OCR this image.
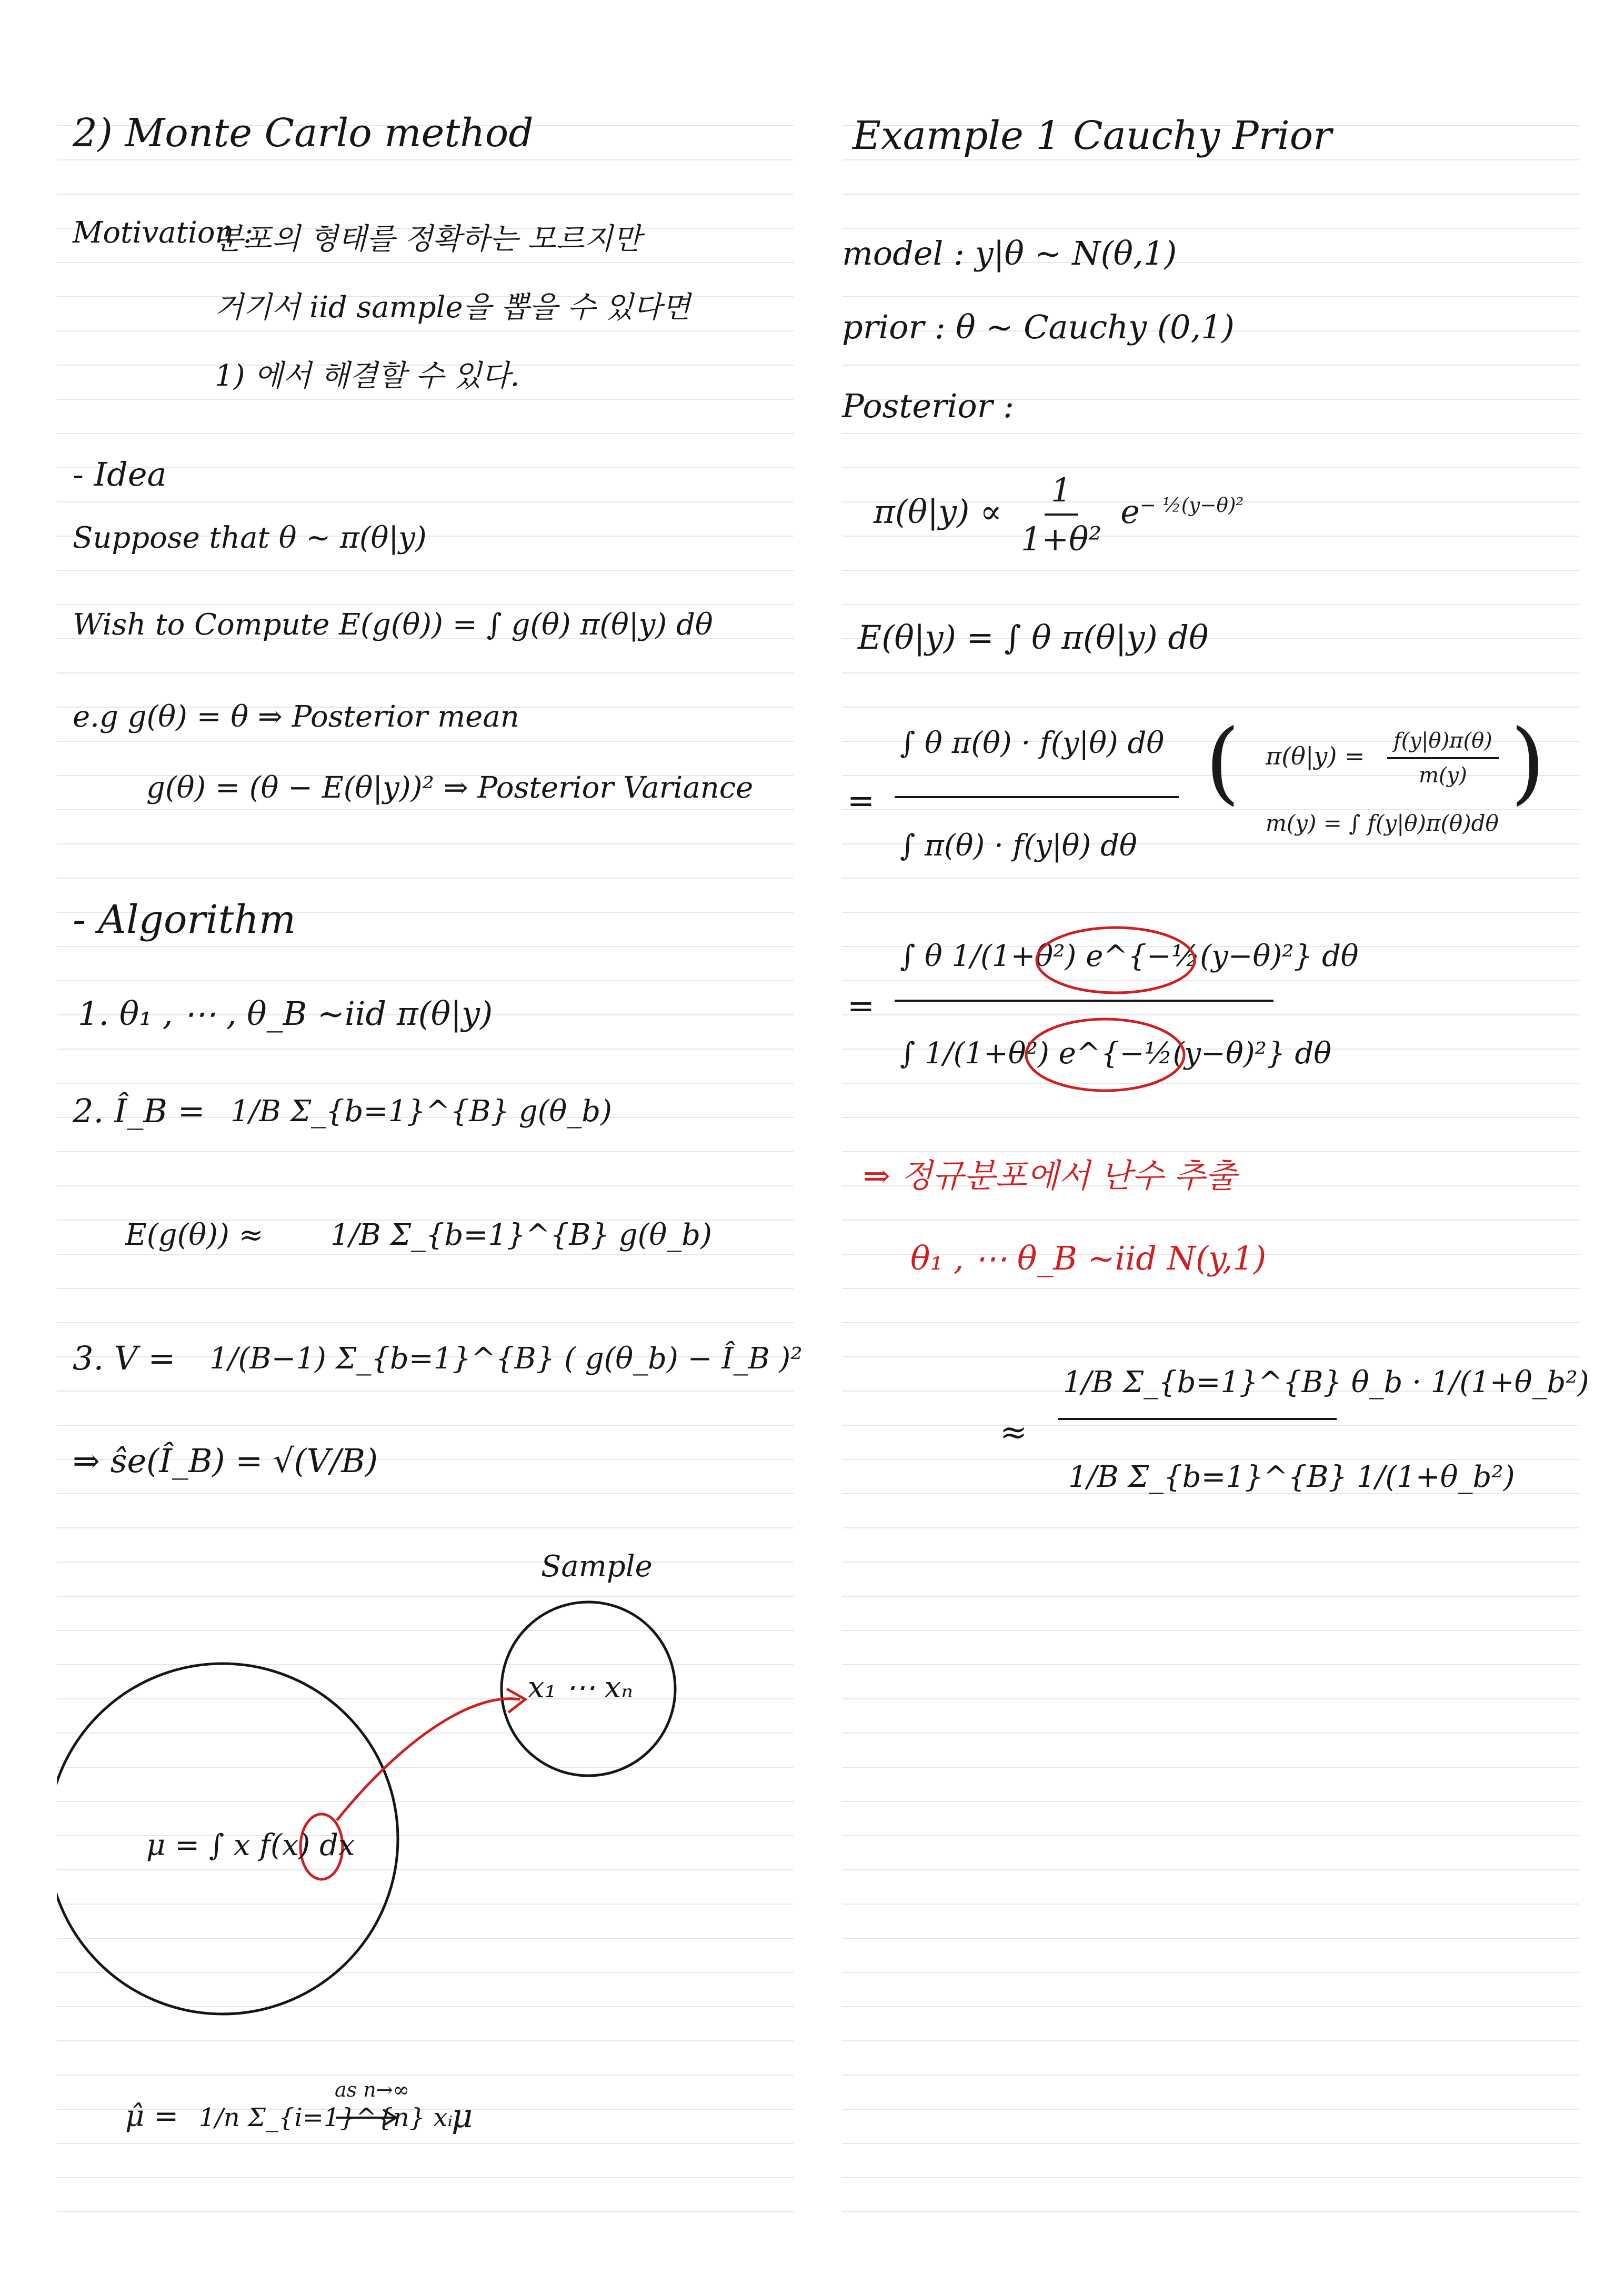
2) Monte Carlo method
Motivation :
분포의 형태를 정확하는 모르지만
거기서 iid sample을 뽑을 수 있다면
1) 에서 해결할 수 있다.
- Idea
Suppose that θ ~ π(θ|y)
Wish to Compute E(g(θ)) = ∫ g(θ) π(θ|y) dθ
e.g g(θ) = θ ⇒ Posterior mean
g(θ) = (θ − E(θ|y))² ⇒ Posterior Variance
- Algorithm
1. θ₁ , ⋯ , θ_B ~iid π(θ|y)
2. Î_B = 1/B Σ_{b=1}^{B} g(θ_b)
E(g(θ)) ≈ 1/B Σ_{b=1}^{B} g(θ_b)
3. V = 1/(B−1) Σ_{b=1}^{B} ( g(θ_b) − Î_B )²
⇒ ŝe(Î_B) = √(V/B)
Sample
x₁ ⋯ xₙ
μ = ∫ x f(x) dx
μ̂ = 1/n Σ_{i=1}^{n} xᵢ
as n→∞
μ
Example 1 Cauchy Prior
model : y|θ ~ N(θ,1)
prior : θ ~ Cauchy (0,1)
Posterior :
$\pi(\theta|y) \propto \frac{1}{\text{1+θ²}} e^{- \frac{1}{2}(y-\theta)^2}$
E(θ|y) = ∫ θ π(θ|y) dθ
=
∫ θ π(θ) · f(y|θ) dθ
∫ π(θ) · f(y|θ) dθ
( $\pi(\theta|y) = \frac{f(y|\theta)\pi(\theta)}{m(y)}$
m(y) = ∫ f(y|θ)π(θ)dθ
)
=
∫ θ 1/(1+θ²) e^{−½(y−θ)²} dθ
∫ 1/(1+θ²) e^{−½(y−θ)²} dθ
⇒ 정규분포에서 난수 추출
θ₁ , ⋯ θ_B ~iid N(y,1)
≈
1/B Σ_{b=1}^{B} θ_b · 1/(1+θ_b²)
1/B Σ_{b=1}^{B} 1/(1+θ_b²)
